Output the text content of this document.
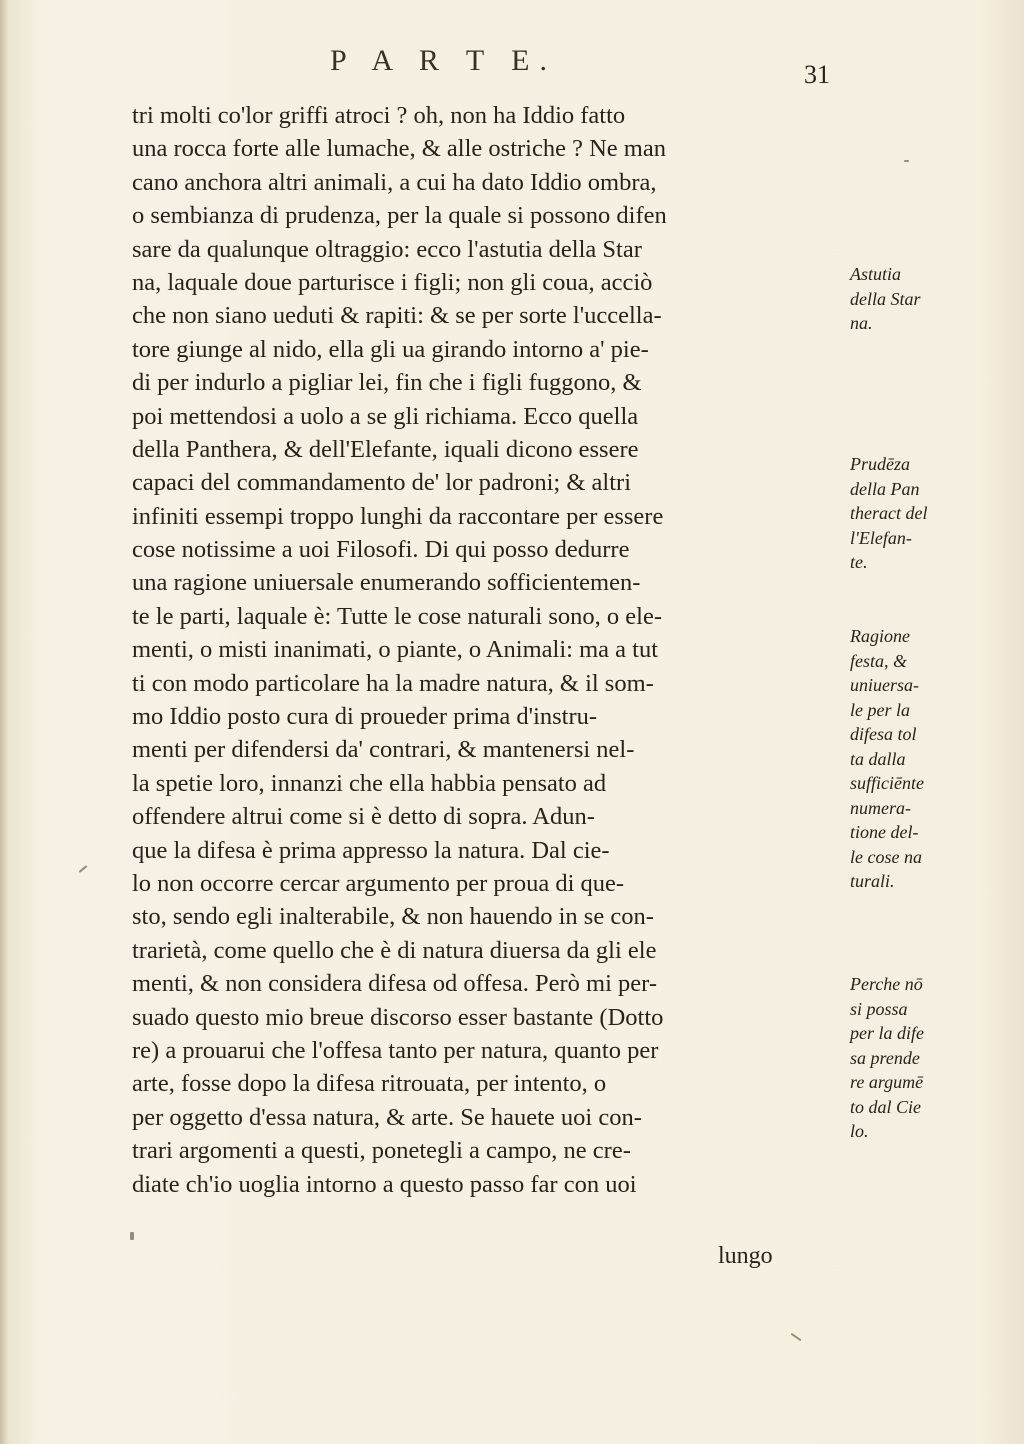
P A R T E.	31
tri molti co'lor griffi atroci ? oh, non ha Iddio fatto
una rocca forte alle lumache, & alle ostriche ? Ne man
cano anchora altri animali, a cui ha dato Iddio ombra,
o sembianza di prudenza, per la quale si possono difen
sare da qualunque oltraggio: ecco l'astutia della Star
na, laquale doue parturisce i figli; non gli coua, acciò
che non siano ueduti & rapiti: & se per sorte l'uccella-
tore giunge al nido, ella gli ua girando intorno a' pie-
di per indurlo a pigliar lei, fin che i figli fuggono, &
poi mettendosi a uolo a se gli richiama. Ecco quella
della Panthera, & dell'Elefante, iquali dicono essere
capaci del commandamento de' lor padroni; & altri
infiniti essempi troppo lunghi da raccontare per essere
cose notissime a uoi Filosofi. Di qui posso dedurre
una ragione uniuersale enumerando sofficientemen-
te le parti, laquale è: Tutte le cose naturali sono, o ele-
menti, o misti inanimati, o piante, o Animali: ma a tut
ti con modo particolare ha la madre natura, & il som-
mo Iddio posto cura di proueder prima d'instru-
menti per difendersi da' contrari, & mantenersi nel-
la spetie loro, innanzi che ella habbia pensato ad
offendere altrui come si è detto di sopra. Adun-
que la difesa è prima appresso la natura. Dal cie-
lo non occorre cercar argumento per proua di que-
sto, sendo egli inalterabile, & non hauendo in se con-
trarietà, come quello che è di natura diuersa da gli ele
menti, & non considera difesa od offesa. Però mi per-
suado questo mio breue discorso esser bastante (Dotto
re) a prouarui che l'offesa tanto per natura, quanto per
arte, fosse dopo la difesa ritrouata, per intento, o
per oggetto d'essa natura, & arte. Se hauete uoi con-
trari argomenti a questi, ponetegli a campo, ne cre-
diate ch'io uoglia intorno a questo passo far con uoi
lungo
Astutia
della Star
na.
Prudēza
della Pan
theract del
l'Elefan-
te.
Ragione
festa, &
uniuersa-
le per la
difesa tol
ta dalla
sufficiēnte
numera-
tione del-
le cose na
turali.
Perche nō
si possa
per la dife
sa prende
re argumē
to dal Cie
lo.
